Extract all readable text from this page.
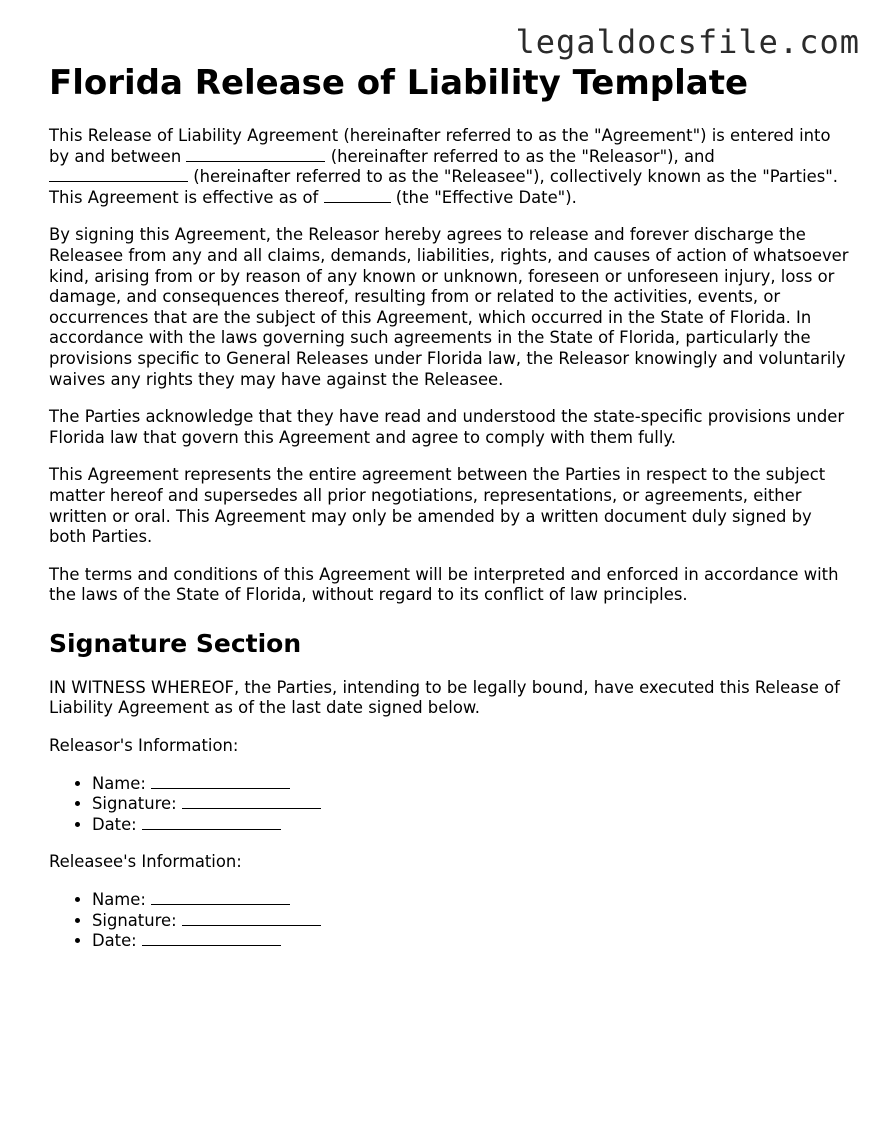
legaldocsfile.com
Florida Release of Liability Template

This Release of Liability Agreement (hereinafter referred to as the "Agreement") is entered into by and between	(hereinafter referred to as the "Releasor"), and  (hereinafter referred to as the "Releasee"), collectively known as the "Parties". This Agreement is effective as of	(the "Effective Date").

By signing this Agreement, the Releasor hereby agrees to release and forever discharge the Releasee from any and all claims, demands, liabilities, rights, and causes of action of whatsoever kind, arising from or by reason of any known or unknown, foreseen or unforeseen injury, loss or damage, and consequences thereof, resulting from or related to the activities, events, or occurrences that are the subject of this Agreement, which occurred in the State of Florida. In accordance with the laws governing such agreements in the State of Florida, particularly the provisions specific to General Releases under Florida law, the Releasor knowingly and voluntarily waives any rights they may have against the Releasee.

The Parties acknowledge that they have read and understood the state-specific provisions under Florida law that govern this Agreement and agree to comply with them fully.

This Agreement represents the entire agreement between the Parties in respect to the subject matter hereof and supersedes all prior negotiations, representations, or agreements, either written or oral. This Agreement may only be amended by a written document duly signed by both Parties.

The terms and conditions of this Agreement will be interpreted and enforced in accordance with the laws of the State of Florida, without regard to its conflict of law principles.

Signature Section

IN WITNESS WHEREOF, the Parties, intending to be legally bound, have executed this Release of Liability Agreement as of the last date signed below.

Releasor's Information:

• Name:
• Signature:
• Date:

Releasee's Information:

• Name:
• Signature:
• Date:
